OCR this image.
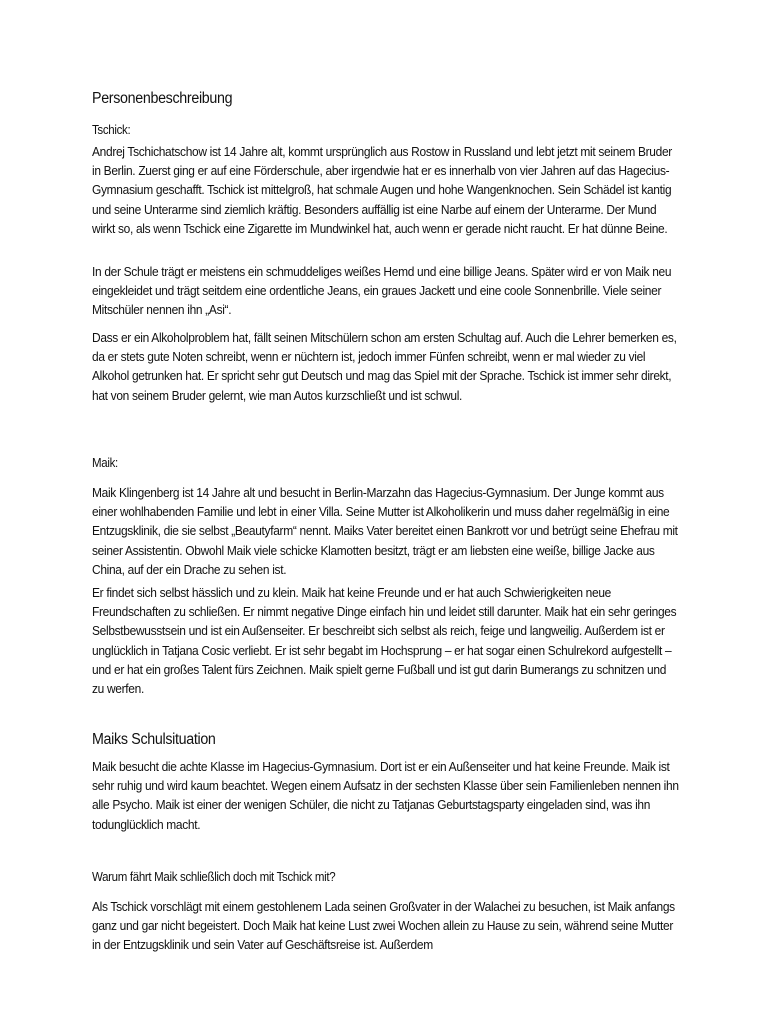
Personenbeschreibung
Tschick:

Andrej Tschichatschow ist 14 Jahre alt, kommt ursprünglich aus Rostow in Russland und lebt jetzt mit seinem Bruder in Berlin. Zuerst ging er auf eine Förderschule, aber irgendwie hat er es innerhalb von vier Jahren auf das Hagecius-Gymnasium geschafft. Tschick ist mittelgroß, hat schmale Augen und hohe Wangenknochen. Sein Schädel ist kantig und seine Unterarme sind ziemlich kräftig. Besonders auffällig ist eine Narbe auf einem der Unterarme. Der Mund wirkt so, als wenn Tschick eine Zigarette im Mundwinkel hat, auch wenn er gerade nicht raucht. Er hat dünne Beine.

In der Schule trägt er meistens ein schmuddeliges weißes Hemd und eine billige Jeans. Später wird er von Maik neu eingekleidet und trägt seitdem eine ordentliche Jeans, ein graues Jackett und eine coole Sonnenbrille. Viele seiner Mitschüler nennen ihn „Asi“.

Dass er ein Alkoholproblem hat, fällt seinen Mitschülern schon am ersten Schultag auf. Auch die Lehrer bemerken es, da er stets gute Noten schreibt, wenn er nüchtern ist, jedoch immer Fünfen schreibt, wenn er mal wieder zu viel Alkohol getrunken hat. Er spricht sehr gut Deutsch und mag das Spiel mit der Sprache. Tschick ist immer sehr direkt, hat von seinem Bruder gelernt, wie man Autos kurzschließt und ist schwul.

Maik:

Maik Klingenberg ist 14 Jahre alt und besucht in Berlin-Marzahn das Hagecius-Gymnasium. Der Junge kommt aus einer wohlhabenden Familie und lebt in einer Villa. Seine Mutter ist Alkoholikerin und muss daher regelmäßig in eine Entzugsklinik, die sie selbst „Beautyfarm“ nennt. Maiks Vater bereitet einen Bankrott vor und betrügt seine Ehefrau mit seiner Assistentin. Obwohl Maik viele schicke Klamotten besitzt, trägt er am liebsten eine weiße, billige Jacke aus China, auf der ein Drache zu sehen ist.

Er findet sich selbst hässlich und zu klein. Maik hat keine Freunde und er hat auch Schwierigkeiten neue Freundschaften zu schließen. Er nimmt negative Dinge einfach hin und leidet still darunter. Maik hat ein sehr geringes Selbstbewusstsein und ist ein Außenseiter. Er beschreibt sich selbst als reich, feige und langweilig. Außerdem ist er unglücklich in Tatjana Cosic verliebt. Er ist sehr begabt im Hochsprung – er hat sogar einen Schulrekord aufgestellt – und er hat ein großes Talent fürs Zeichnen. Maik spielt gerne Fußball und ist gut darin Bumerangs zu schnitzen und zu werfen.

Maiks Schulsituation

Maik besucht die achte Klasse im Hagecius-Gymnasium. Dort ist er ein Außenseiter und hat keine Freunde. Maik ist sehr ruhig und wird kaum beachtet. Wegen einem Aufsatz in der sechsten Klasse über sein Familienleben nennen ihn alle Psycho. Maik ist einer der wenigen Schüler, die nicht zu Tatjanas Geburtstagsparty eingeladen sind, was ihn todunglücklich macht.

Warum fährt Maik schließlich doch mit Tschick mit?

Als Tschick vorschlägt mit einem gestohlenem Lada seinen Großvater in der Walachei zu besuchen, ist Maik anfangs ganz und gar nicht begeistert. Doch Maik hat keine Lust zwei Wochen allein zu Hause zu sein, während seine Mutter in der Entzugsklinik und sein Vater auf Geschäftsreise ist. Außerdem
